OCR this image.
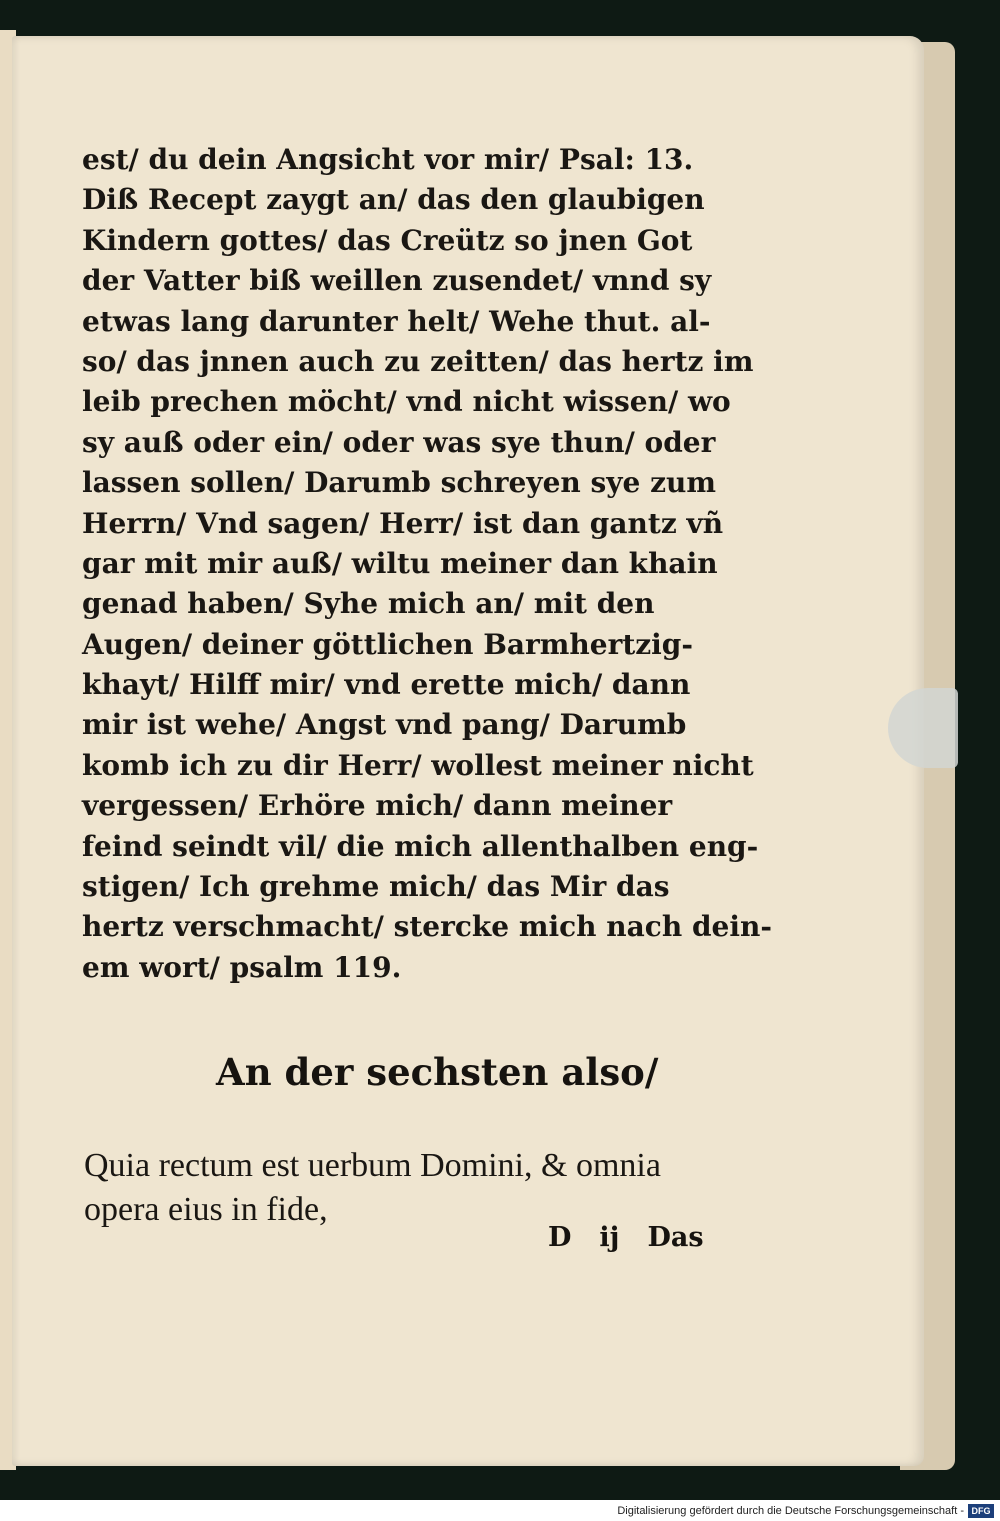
est/ du dein Angsicht vor mir/ Psal: 13.
Diß Recept zaygt an/ das den glaubigen
Kindern gottes/ das Creütz so jnen Got
der Vatter biß weillen zusendet/ vnnd sy
etwas lang darunter helt/ Wehe thut. al-
so/ das jnnen auch zu zeitten/ das hertz im
leib prechen möcht/ vnd nicht wissen/ wo
sy auß oder ein/ oder was sye thun/ oder
lassen sollen/ Darumb schreyen sye zum
Herrn/ Vnd sagen/ Herr/ ist dan gantz vñ
gar mit mir auß/ wiltu meiner dan khain
genad haben/ Syhe mich an/ mit den
Augen/ deiner göttlichen Barmhertzig-
khayt/ Hilff mir/ vnd erette mich/ dann
mir ist wehe/ Angst vnd pang/ Darumb
komb ich zu dir Herr/ wollest meiner nicht
vergessen/ Erhöre mich/ dann meiner
feind seindt vil/ die mich allenthalben eng-
stigen/ Ich grehme mich/ das Mir das
hertz verschmacht/ stercke mich nach dein-
em wort/ psalm 119.
An der sechsten also/
Quia rectum est uerbum Domini, & omnia
opera eius in fide,
D ij Das
Digitalisierung gefördert durch die Deutsche Forschungsgemeinschaft - DFG
